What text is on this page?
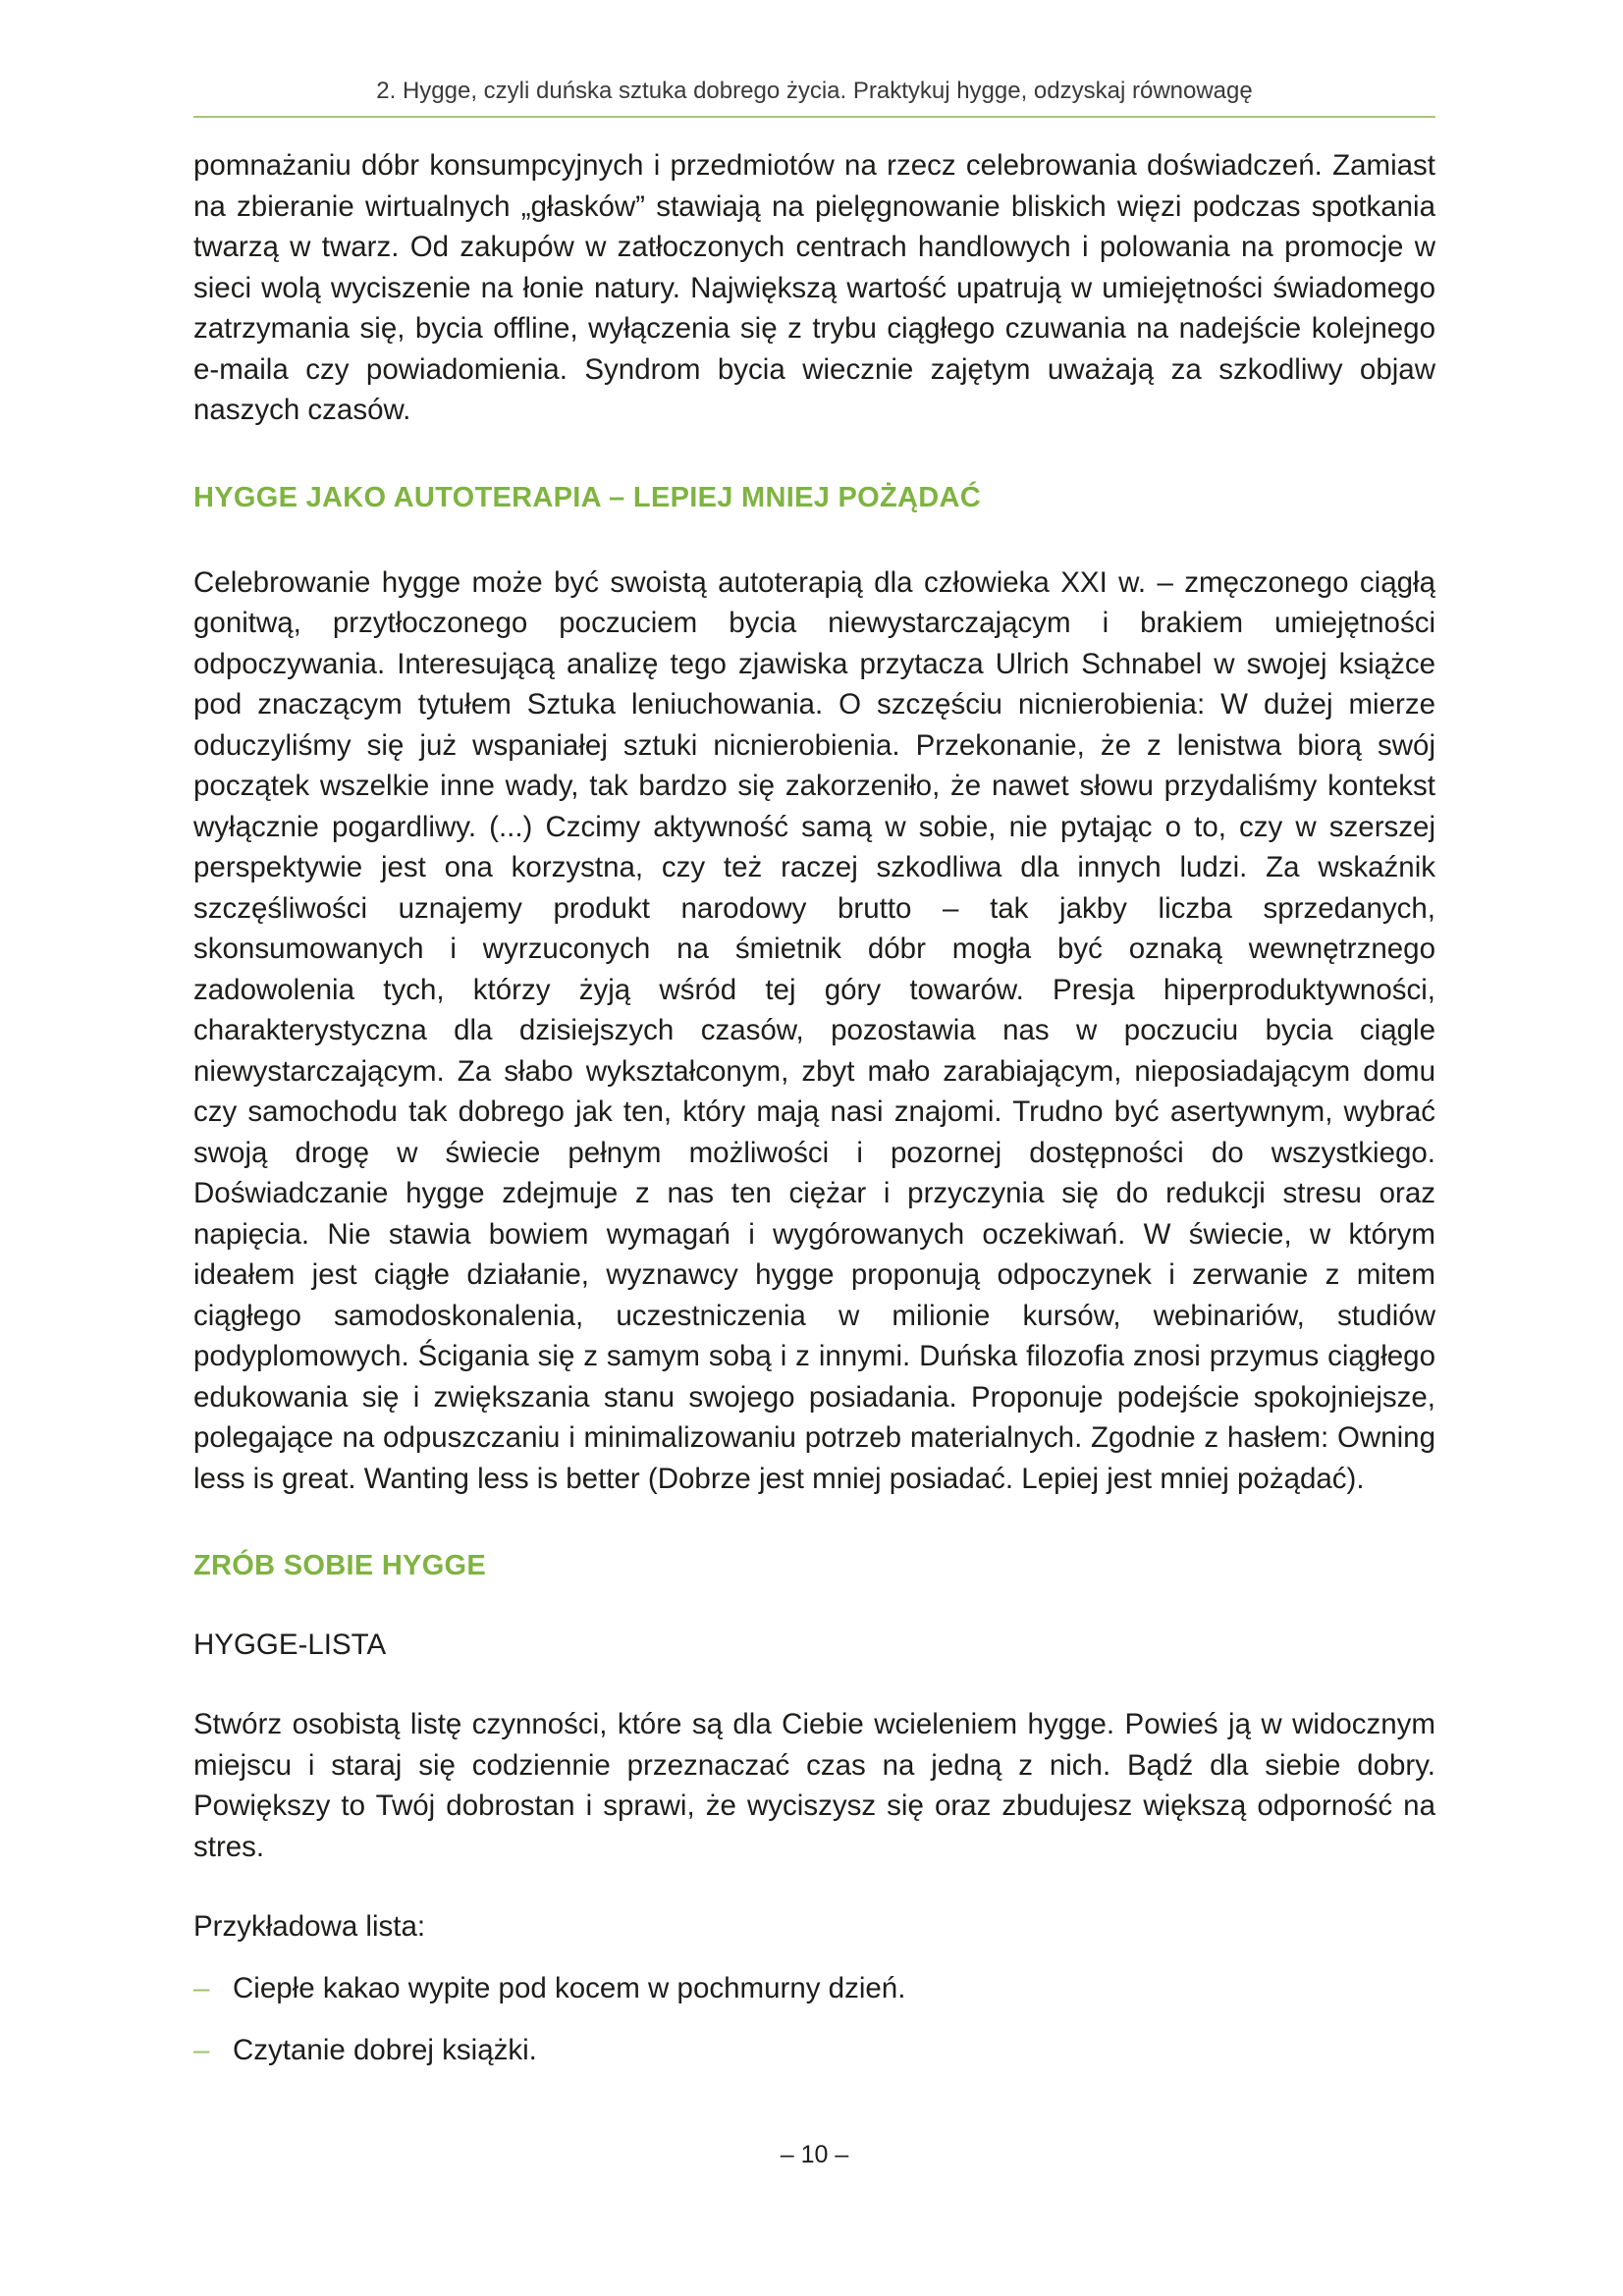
2. Hygge, czyli duńska sztuka dobrego życia. Praktykuj hygge, odzyskaj równowagę

pomnażaniu dóbr konsumpcyjnych i przedmiotów na rzecz celebrowania doświadczeń. Zamiast na zbieranie wirtualnych „głasków” stawiają na pielęgnowanie bliskich więzi podczas spotkania twarzą w twarz. Od zakupów w zatłoczonych centrach handlowych i polowania na promocje w sieci wolą wyciszenie na łonie natury. Największą wartość upatrują w umiejętności świadomego zatrzymania się, bycia offline, wyłączenia się z trybu ciągłego czuwania na nadejście kolejnego e-maila czy powiadomienia. Syndrom bycia wiecznie zajętym uważają za szkodliwy objaw naszych czasów.

HYGGE JAKO AUTOTERAPIA – LEPIEJ MNIEJ POŻĄDAĆ

Celebrowanie hygge może być swoistą autoterapią dla człowieka XXI w. – zmęczonego ciągłą gonitwą, przytłoczonego poczuciem bycia niewystarczającym i brakiem umiejętności odpoczywania. Interesującą analizę tego zjawiska przytacza Ulrich Schnabel w swojej książce pod znaczącym tytułem Sztuka leniuchowania. O szczęściu nicnierobienia: W dużej mierze oduczyliśmy się już wspaniałej sztuki nicnierobienia. Przekonanie, że z lenistwa biorą swój początek wszelkie inne wady, tak bardzo się zakorzeniło, że nawet słowu przydaliśmy kontekst wyłącznie pogardliwy. (...) Czcimy aktywność samą w sobie, nie pytając o to, czy w szerszej perspektywie jest ona korzystna, czy też raczej szkodliwa dla innych ludzi. Za wskaźnik szczęśliwości uznajemy produkt narodowy brutto – tak jakby liczba sprzedanych, skonsumowanych i wyrzuconych na śmietnik dóbr mogła być oznaką wewnętrznego zadowolenia tych, którzy żyją wśród tej góry towarów. Presja hiperproduktywności, charakterystyczna dla dzisiejszych czasów, pozostawia nas w poczuciu bycia ciągle niewystarczającym. Za słabo wykształconym, zbyt mało zarabiającym, nieposiadającym domu czy samochodu tak dobrego jak ten, który mają nasi znajomi. Trudno być asertywnym, wybrać swoją drogę w świecie pełnym możliwości i pozornej dostępności do wszystkiego. Doświadczanie hygge zdejmuje z nas ten ciężar i przyczynia się do redukcji stresu oraz napięcia. Nie stawia bowiem wymagań i wygórowanych oczekiwań. W świecie, w którym ideałem jest ciągłe działanie, wyznawcy hygge proponują odpoczynek i zerwanie z mitem ciągłego samodoskonalenia, uczestniczenia w milionie kursów, webinariów, studiów podyplomowych. Ścigania się z samym sobą i z innymi. Duńska filozofia znosi przymus ciągłego edukowania się i zwiększania stanu swojego posiadania. Proponuje podejście spokojniejsze, polegające na odpuszczaniu i minimalizowaniu potrzeb materialnych. Zgodnie z hasłem: Owning less is great. Wanting less is better (Dobrze jest mniej posiadać. Lepiej jest mniej pożądać).

ZRÓB SOBIE HYGGE
HYGGE-LISTA

Stwórz osobistą listę czynności, które są dla Ciebie wcieleniem hygge. Powieś ją w widocznym miejscu i staraj się codziennie przeznaczać czas na jedną z nich. Bądź dla siebie dobry. Powiększy to Twój dobrostan i sprawi, że wyciszysz się oraz zbudujesz większą odporność na stres.

Przykładowa lista:
– Ciepłe kakao wypite pod kocem w pochmurny dzień.
– Czytanie dobrej książki.
– 10 –
